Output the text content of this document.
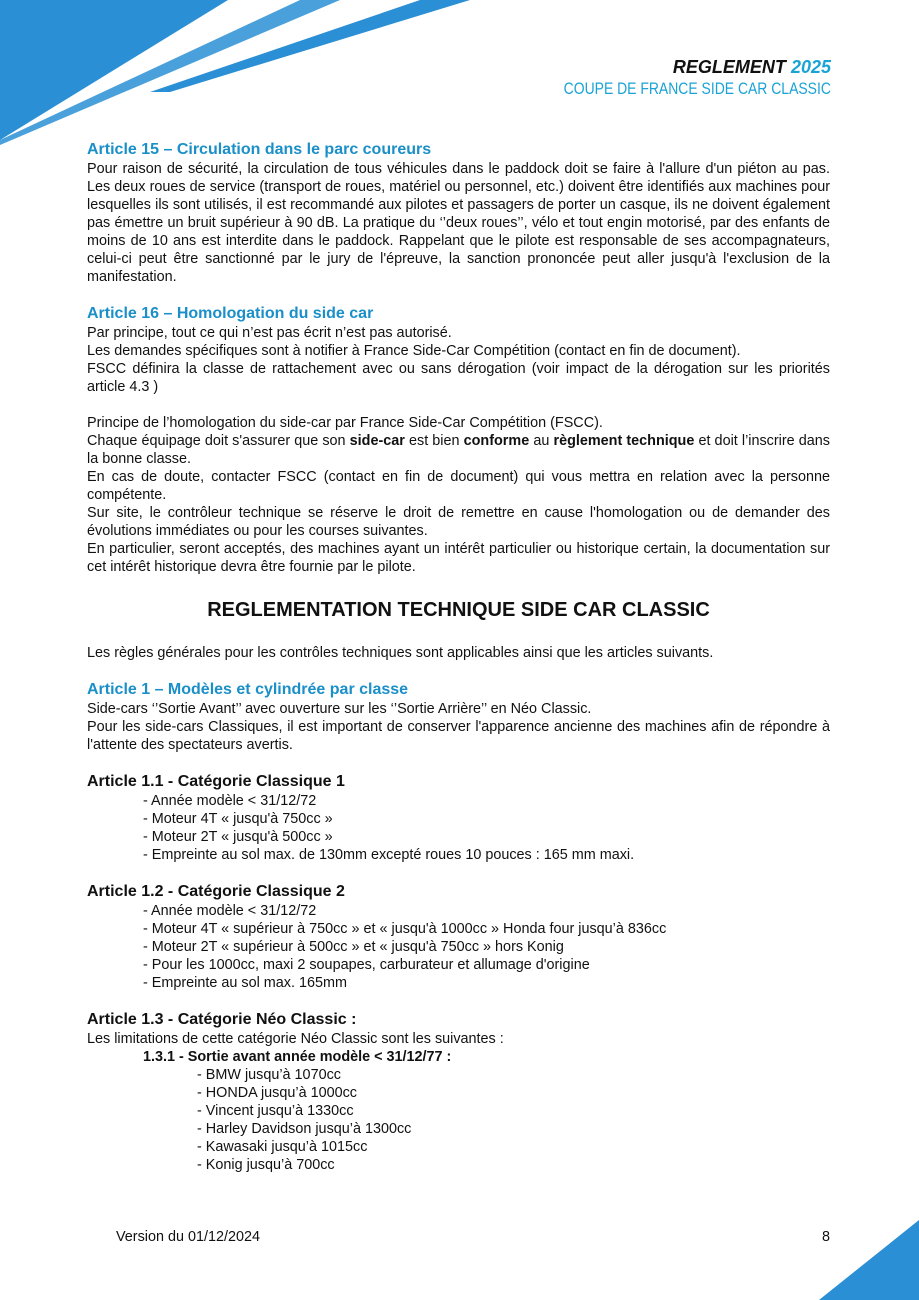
REGLEMENT 2025
COUPE DE FRANCE SIDE CAR CLASSIC
Article 15 – Circulation dans le parc coureurs

Pour raison de sécurité, la circulation de tous véhicules dans le paddock doit se faire à l'allure d'un piéton au pas. Les deux roues de service (transport de roues, matériel ou personnel, etc.) doivent être identifiés aux machines pour lesquelles ils sont utilisés, il est recommandé aux pilotes et passagers de porter un casque, ils ne doivent également pas émettre un bruit supérieur à 90 dB. La pratique du ‘’deux roues’’, vélo et tout engin motorisé, par des enfants de moins de 10 ans est interdite dans le paddock. Rappelant que le pilote est responsable de ses accompagnateurs, celui-ci peut être sanctionné par le jury de l'épreuve, la sanction prononcée peut aller jusqu'à l'exclusion de la manifestation.

Article 16 – Homologation du side car

Par principe, tout ce qui n’est pas écrit n’est pas autorisé.

Les demandes spécifiques sont à notifier à France Side-Car Compétition (contact en fin de document).

FSCC définira la classe de rattachement avec ou sans dérogation (voir impact de la dérogation sur les priorités article 4.3 )

Principe de l’homologation du side-car par France Side-Car Compétition (FSCC).

Chaque équipage doit s'assurer que son side-car est bien conforme au règlement technique et doit l’inscrire dans la bonne classe.

En cas de doute, contacter FSCC (contact en fin de document) qui vous mettra en relation avec la personne compétente.

Sur site, le contrôleur technique se réserve le droit de remettre en cause l'homologation ou de demander des évolutions immédiates ou pour les courses suivantes.

En particulier, seront acceptés, des machines ayant un intérêt particulier ou historique certain, la documentation sur cet intérêt historique devra être fournie par le pilote.

REGLEMENTATION TECHNIQUE SIDE CAR CLASSIC

Les règles générales pour les contrôles techniques sont applicables ainsi que les articles suivants.

Article 1 – Modèles et cylindrée par classe

Side-cars ‘’Sortie Avant’’ avec ouverture sur les ‘’Sortie Arrière’’ en Néo Classic.

Pour les side-cars Classiques, il est important de conserver l'apparence ancienne des machines afin de répondre à l'attente des spectateurs avertis.

Article 1.1 - Catégorie Classique 1
- Année modèle < 31/12/72
- Moteur 4T « jusqu'à 750cc »
- Moteur 2T « jusqu'à 500cc »
- Empreinte au sol max. de 130mm excepté roues 10 pouces : 165 mm maxi.
Article 1.2 - Catégorie Classique 2
- Année modèle < 31/12/72
- Moteur 4T « supérieur à 750cc » et « jusqu'à 1000cc » Honda four jusqu’à 836cc
- Moteur 2T « supérieur à 500cc » et « jusqu'à 750cc » hors Konig
- Pour les 1000cc, maxi 2 soupapes, carburateur et allumage d'origine
- Empreinte au sol max. 165mm
Article 1.3 - Catégorie Néo Classic :

Les limitations de cette catégorie Néo Classic sont les suivantes :

1.3.1 - Sortie avant année modèle < 31/12/77 :
- BMW jusqu’à 1070cc
- HONDA jusqu’à 1000cc
- Vincent jusqu’à 1330cc
- Harley Davidson jusqu’à 1300cc
- Kawasaki jusqu’à 1015cc
- Konig jusqu’à 700cc
Version du 01/12/2024	8
